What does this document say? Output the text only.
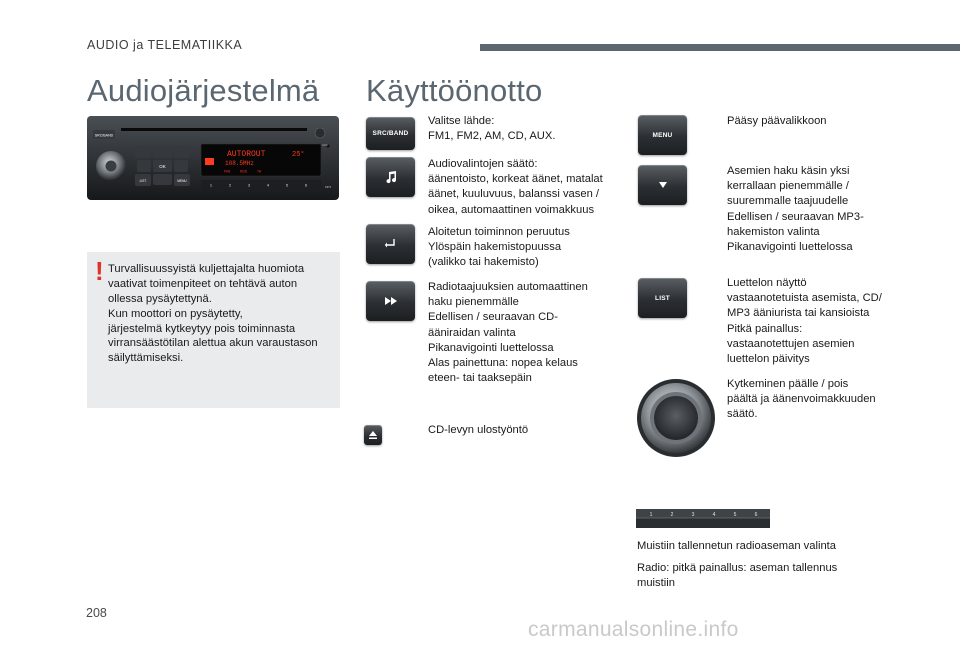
AUDIO ja TELEMATIIKKA
Audiojärjestelmä Käyttöönotto
SRC/BAND
AUX
OK
LIST	MENU
AUTOROUT	25°
108.5MHz
FM1	RDS	TA
1	2	3	4	5	6	MP3
! Turvallisuussyistä kuljettajalta huomiota
vaativat toimenpiteet on tehtävä auton
ollessa pysäytettynä.
Kun moottori on pysäytetty,
järjestelmä kytkeytyy pois toiminnasta
virransäästötilan alettua akun varaustason
säilyttämiseksi.

SRC/BAND
Valitse lähde:
FM1, FM2, AM, CD, AUX.
Audiovalintojen säätö:
äänentoisto, korkeat äänet, matalat
äänet, kuuluvuus, balanssi vasen /
oikea, automaattinen voimakkuus
Aloitetun toiminnon peruutus
Ylöspäin hakemistopuussa
(valikko tai hakemisto)
Radiotaajuuksien automaattinen
haku pienemmälle
Edellisen / seuraavan CD-
ääniraidan valinta
Pikanavigointi luettelossa
Alas painettuna: nopea kelaus
eteen- tai taaksepäin
CD-levyn ulostyöntö
MENU
Pääsy päävalikkoon
Asemien haku käsin yksi
kerrallaan pienemmälle /
suuremmalle taajuudelle
Edellisen / seuraavan MP3-
hakemiston valinta
Pikanavigointi luettelossa
LIST
Luettelon näyttö
vastaanotetuista asemista, CD/
MP3 ääniurista tai kansioista
Pitkä painallus:
vastaanotettujen asemien
luettelon päivitys
Kytkeminen päälle / pois
päältä ja äänenvoimakkuuden
säätö.
1	2	3	4	5	6
Muistiin tallennetun radioaseman valinta
Radio: pitkä painallus: aseman tallennus
muistiin
208
carmanualsonline.info
